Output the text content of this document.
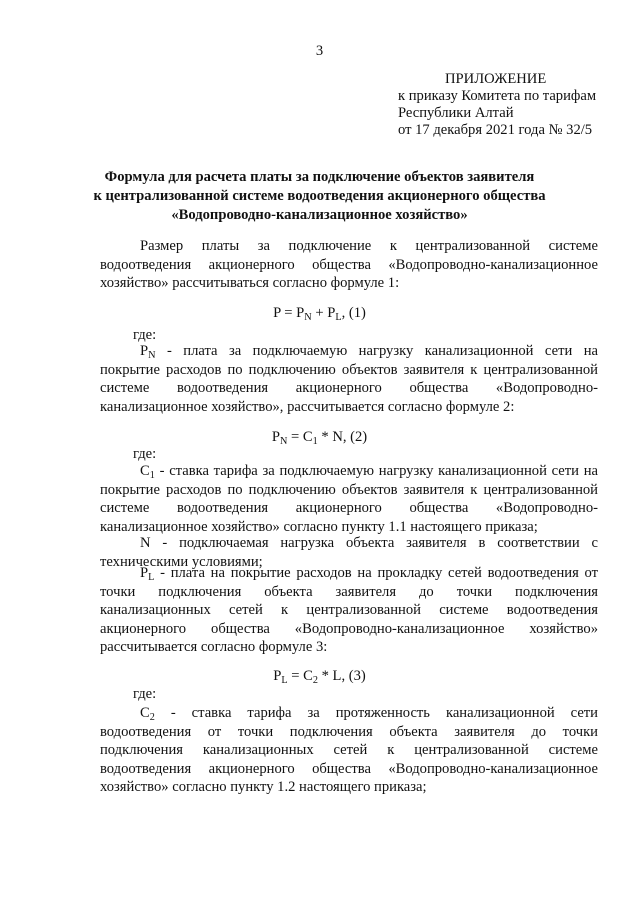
3
ПРИЛОЖЕНИЕ
к приказу Комитета по тарифам
Республики Алтай
от 17 декабря 2021 года № 32/5
Формула для расчета платы за подключение объектов заявителя
к централизованной системе водоотведения акционерного общества
«Водопроводно-канализационное хозяйство»
Размер платы за подключение к централизованной системе
водоотведения акционерного общества «Водопроводно-канализационное
хозяйство» рассчитываться согласно формуле 1:
$P = P_N + P_L$, (1)
где:
$P_N$ - плата за подключаемую нагрузку канализационной сети на
покрытие расходов по подключению объектов заявителя к централизованной
системе водоотведения акционерного общества «Водопроводно-
канализационное хозяйство», рассчитывается согласно формуле 2:
$P_N = C_1 * N$, (2)
где:
$C_1$ - ставка тарифа за подключаемую нагрузку канализационной сети на
покрытие расходов по подключению объектов заявителя к централизованной
системе водоотведения акционерного общества «Водопроводно-
канализационное хозяйство» согласно пункту 1.1 настоящего приказа;
N - подключаемая нагрузка объекта заявителя в соответствии с
техническими условиями;
$P_L$ - плата на покрытие расходов на прокладку сетей водоотведения от
точки подключения объекта заявителя до точки подключения
канализационных сетей к централизованной системе водоотведения
акционерного общества «Водопроводно-канализационное хозяйство»
рассчитывается согласно формуле 3:
$P_L = C_2 * L$, (3)
где:
$C_2$ - ставка тарифа за протяженность канализационной сети
водоотведения от точки подключения объекта заявителя до точки
подключения канализационных сетей к централизованной системе
водоотведения акционерного общества «Водопроводно-канализационное
хозяйство» согласно пункту 1.2 настоящего приказа;
